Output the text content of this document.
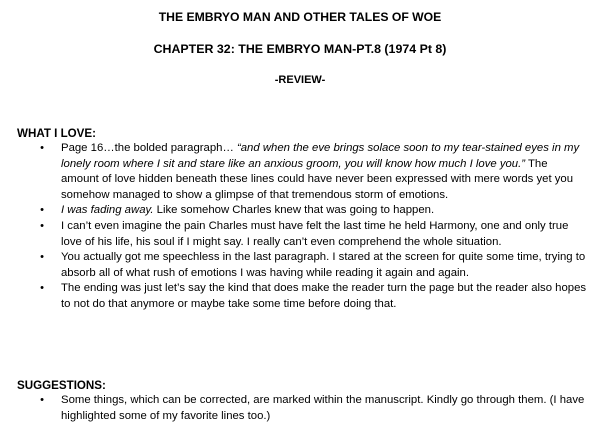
THE EMBRYO MAN AND OTHER TALES OF WOE
CHAPTER 32: THE EMBRYO MAN-PT.8 (1974 Pt 8)
-REVIEW-

WHAT I LOVE:

• Page 16…the bolded paragraph… “and when the eve brings solace soon to my tear-stained eyes in my lonely room where I sit and stare like an anxious groom, you will know how much I love you.” The amount of love hidden beneath these lines could have never been expressed with mere words yet you somehow managed to show a glimpse of that tremendous storm of emotions.
• I was fading away. Like somehow Charles knew that was going to happen.
• I can’t even imagine the pain Charles must have felt the last time he held Harmony, one and only true love of his life, his soul if I might say. I really can’t even comprehend the whole situation.
• You actually got me speechless in the last paragraph. I stared at the screen for quite some time, trying to absorb all of what rush of emotions I was having while reading it again and again.
• The ending was just let’s say the kind that does make the reader turn the page but the reader also hopes to not do that anymore or maybe take some time before doing that.

SUGGESTIONS:

• Some things, which can be corrected, are marked within the manuscript. Kindly go through them. (I have highlighted some of my favorite lines too.)
